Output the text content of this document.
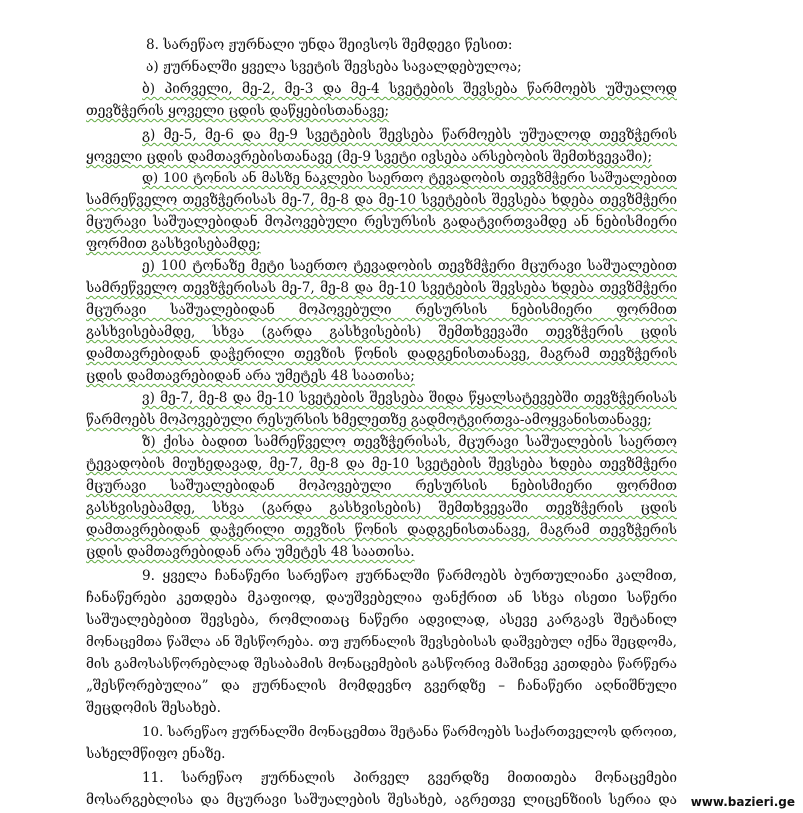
8. სარეწაო ჟურნალი უნდა შეივსოს შემდეგი წესით:
ა) ჟურნალში ყველა სვეტის შევსება სავალდებულოა;
ბ) პირველი, მე-2, მე-3 და მე-4 სვეტების შევსება წარმოებს უშუალოდ
თევზჭერის ყოველი ცდის დაწყებისთანავე;
გ) მე-5, მე-6 და მე-9 სვეტების შევსება წარმოებს უშუალოდ თევზჭერის
ყოველი ცდის დამთავრებისთანავე (მე-9 სვეტი ივსება არსებობის შემთხვევაში);
დ) 100 ტონის ან მასზე ნაკლები საერთო ტევადობის თევზმჭერი საშუალებით
სამრეწველო თევზჭერისას მე-7, მე-8 და მე-10 სვეტების შევსება ხდება თევზმჭერი
მცურავი საშუალებიდან მოპოვებული რესურსის გადატვირთვამდე ან ნებისმიერი
ფორმით გასხვისებამდე;
ე) 100 ტონაზე მეტი საერთო ტევადობის თევზმჭერი მცურავი საშუალებით
სამრეწველო თევზჭერისას მე-7, მე-8 და მე-10 სვეტების შევსება ხდება თევზმჭერი
მცურავი საშუალებიდან მოპოვებული რესურსის ნებისმიერი ფორმით
გასხვისებამდე, სხვა (გარდა გასხვისების) შემთხვევაში თევზჭერის ცდის
დამთავრებიდან დაჭერილი თევზის წონის დადგენისთანავე, მაგრამ თევზჭერის
ცდის დამთავრებიდან არა უმეტეს 48 საათისა;
ვ) მე-7, მე-8 და მე-10 სვეტების შევსება შიდა წყალსატევებში თევზჭერისას
წარმოებს მოპოვებული რესურსის ხმელეთზე გადმოტვირთვა-ამოყვანისთანავე;
ზ) ქისა ბადით სამრეწველო თევზჭერისას, მცურავი საშუალების საერთო
ტევადობის მიუხედავად, მე-7, მე-8 და მე-10 სვეტების შევსება ხდება თევზმჭერი
მცურავი საშუალებიდან მოპოვებული რესურსის ნებისმიერი ფორმით
გასხვისებამდე, სხვა (გარდა გასხვისების) შემთხვევაში თევზჭერის ცდის
დამთავრებიდან დაჭერილი თევზის წონის დადგენისთანავე, მაგრამ თევზჭერის
ცდის დამთავრებიდან არა უმეტეს 48 საათისა.
9. ყველა ჩანაწერი სარეწაო ჟურნალში წარმოებს ბურთულიანი კალმით,
ჩანაწერები კეთდება მკაფიოდ, დაუშვებელია ფანქრით ან სხვა ისეთი საწერი
საშუალებებით შევსება, რომლითაც ნაწერი ადვილად, ასევე კარგავს შეტანილ
მონაცემთა წაშლა ან შესწორება. თუ ჟურნალის შევსებისას დაშვებულ იქნა შეცდომა,
მის გამოსასწორებლად შესაბამის მონაცემების გასწორივ მაშინვე კეთდება წარწერა
„შესწორებულია” და ჟურნალის მომდევნო გვერდზე – ჩანაწერი აღნიშნული
შეცდომის შესახებ.
10. სარეწაო ჟურნალში მონაცემთა შეტანა წარმოებს საქართველოს დროით,
სახელმწიფო ენაზე.
11. სარეწაო ჟურნალის პირველ გვერდზე მითითება მონაცემები
მოსარგებლისა და მცურავი საშუალების შესახებ, აგრეთვე ლიცენზიის სერია და www.bazieri.ge
